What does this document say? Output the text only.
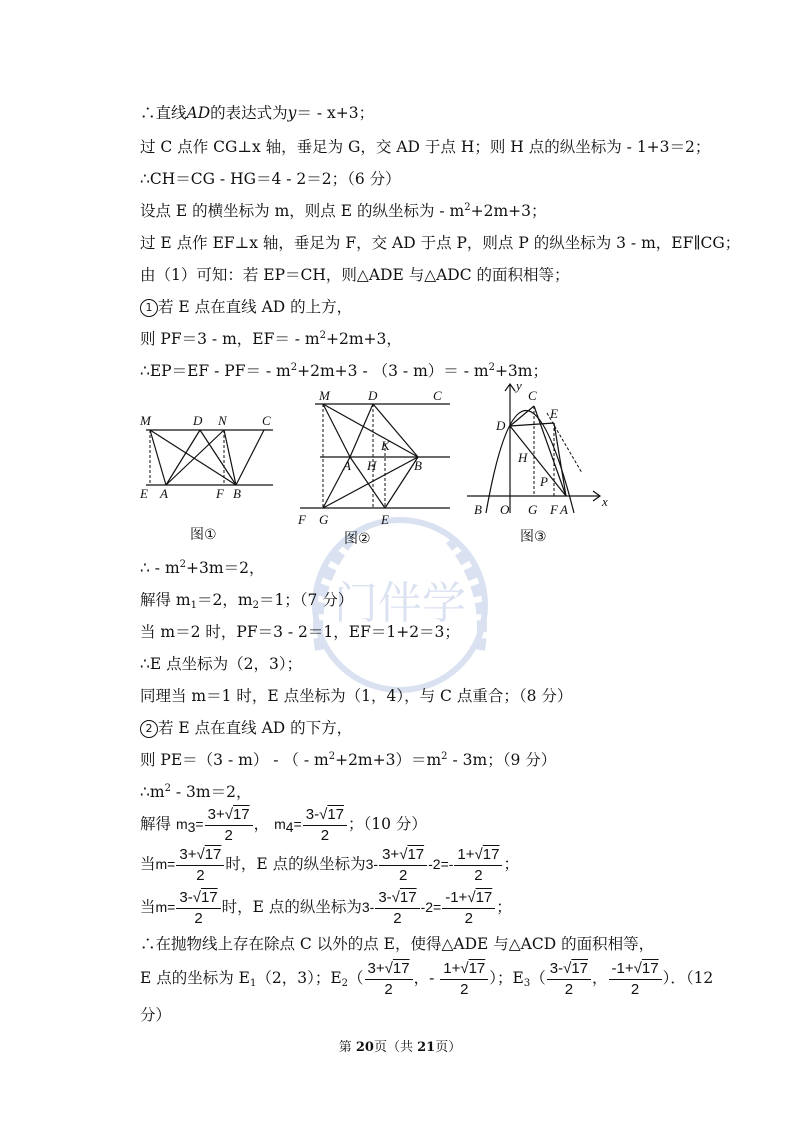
门伴学
∴直线AD的表达式为y＝ - x+3；
过 C 点作 CG⊥x 轴，垂足为 G，交 AD 于点 H；则 H 点的纵坐标为 - 1+3＝2；
∴CH＝CG - HG＝4 - 2＝2；（6 分）
设点 E 的横坐标为 m，则点 E 的纵坐标为 - $m^2+2m+3$；
过 E 点作 EF⊥x 轴，垂足为 F，交 AD 于点 P，则点 P 的纵坐标为 3 - m，EF∥CG；
由（1）可知：若 EP＝CH，则△ADE 与△ADC 的面积相等；
1 若 E 点在直线 AD 的上方，
则 PF＝3 - m，$EF= - m^2+2m+3$，
∴EP＝EF - $PF= - m^2+2m+3 - (3 - m)= - m^2+3m$；
M	D N	C
E A	F B
图①
M	D	C
K
A H	B
F G	E
图②
y
C
E
D
H
P
x
B O G F A
图③
∴ - $m^2+3m=2$，
解得 $m_1=2$，$m_2=1$；（7 分）
当 m＝2 时，PF＝3 - 2＝1，EF＝1+2＝3；
∴E 点坐标为（2，3）；
同理当 m＝1 时，E 点坐标为（1，4），与 C 点重合；（8 分）
2 若 E 点在直线 AD 的下方，
则 PE＝（3 - m） - （ - $m^2+2m+3)=m^2 - 3m$；（9 分）
$\therefore m^2 - 3m=2$，
解得 $m_3= \frac{3+√17}{2}$ ， $m_4= \frac{3-√17}{2}$ ；（10 分）
当$m= \frac{3+√17}{2}$ 时，E 点的纵坐标为$3- \frac{3+√17}{2} -2=- \frac{1+√17}{2}$ ；
当$m= \frac{3-√17}{2}$ 时，E 点的纵坐标为$3- \frac{3-√17}{2} -2= \frac{-1+√17}{2}$ ；
∴在抛物线上存在除点 C 以外的点 E，使得△ADE 与△ACD 的面积相等，
E 点的坐标为 $E_1(2$，3）；$E_2( \frac{3+√17}{2}$ ，- $\frac{1+√17}{2}$ ）；$E_3( \frac{3-√17}{2}$ ， $\frac{-1+√17}{2}$ ）．（12
分）
第 20页（共 21页）
